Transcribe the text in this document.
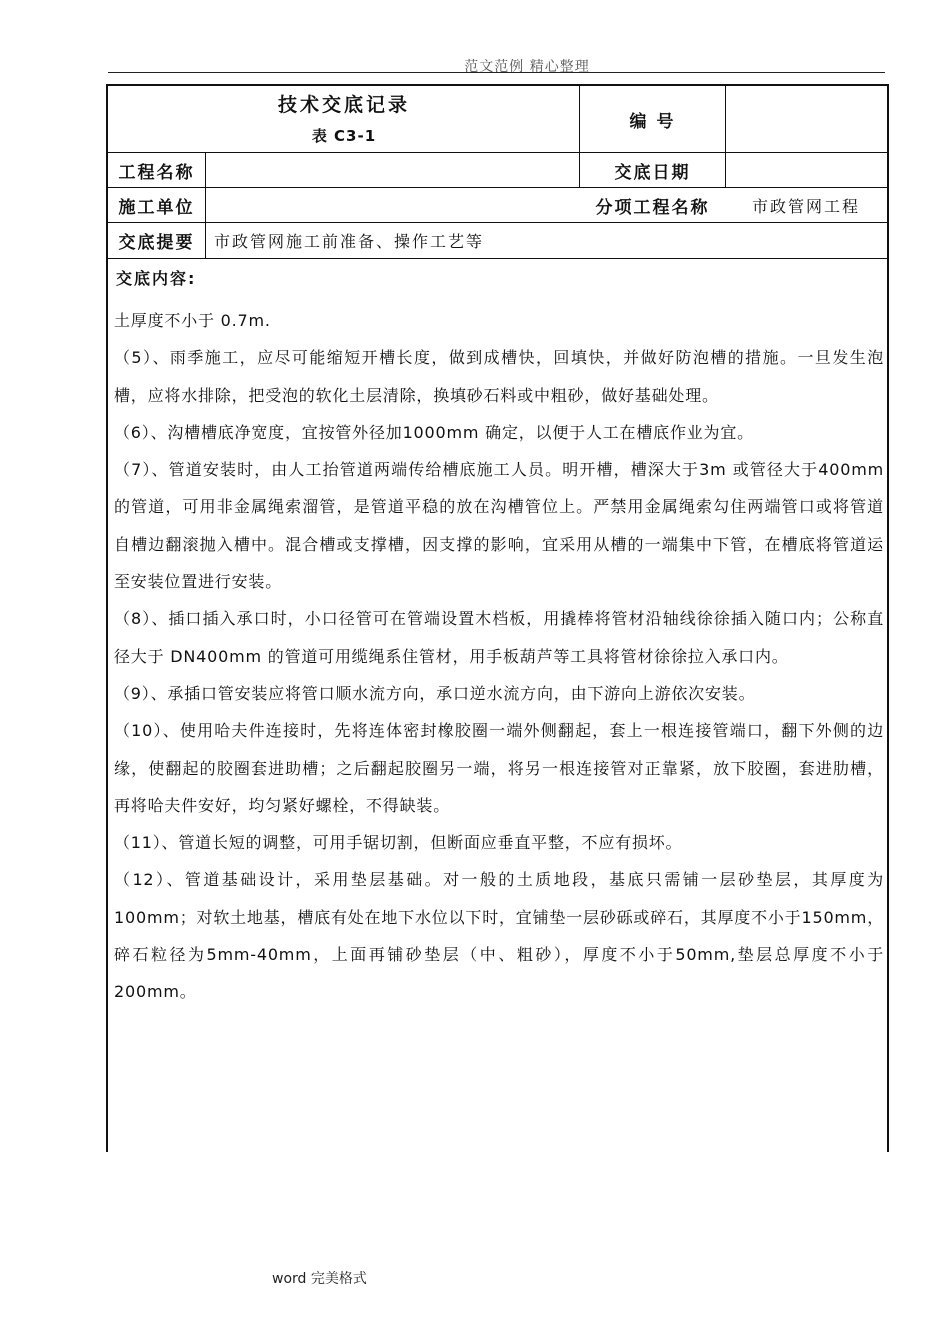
范文范例 精心整理
技术交底记录
表 C3-1
编 号
工程名称	交底日期
施工单位	分项工程名称	市政管网工程
交底提要	市政管网施工前准备、操作工艺等
交底内容:

土厚度不小于 0.7m.

（5）、雨季施工，应尽可能缩短开槽长度，做到成槽快，回填快，并做好防泡槽的措施。一旦发生泡槽，应将水排除，把受泡的软化土层清除，换填砂石料或中粗砂，做好基础处理。

（6）、沟槽槽底净宽度，宜按管外径加1000mm 确定，以便于人工在槽底作业为宜。

（7）、管道安装时，由人工抬管道两端传给槽底施工人员。明开槽，槽深大于3m 或管径大于400mm 的管道，可用非金属绳索溜管，是管道平稳的放在沟槽管位上。严禁用金属绳索勾住两端管口或将管道自槽边翻滚抛入槽中。混合槽或支撑槽，因支撑的影响，宜采用从槽的一端集中下管，在槽底将管道运至安装位置进行安装。

（8）、插口插入承口时，小口径管可在管端设置木档板，用撬棒将管材沿轴线徐徐插入随口内；公称直径大于 DN400mm 的管道可用缆绳系住管材，用手板葫芦等工具将管材徐徐拉入承口内。

（9）、承插口管安装应将管口顺水流方向，承口逆水流方向，由下游向上游依次安装。

（10）、使用哈夫件连接时，先将连体密封橡胶圈一端外侧翻起，套上一根连接管端口，翻下外侧的边缘，使翻起的胶圈套进助槽；之后翻起胶圈另一端，将另一根连接管对正靠紧，放下胶圈，套进肋槽，再将哈夫件安好，均匀紧好螺栓，不得缺装。

（11）、管道长短的调整，可用手锯切割，但断面应垂直平整，不应有损坏。

（12）、管道基础设计，采用垫层基础。对一般的土质地段，基底只需铺一层砂垫层，其厚度为 100mm；对软土地基，槽底有处在地下水位以下时，宜铺垫一层砂砾或碎石，其厚度不小于150mm，碎石粒径为5mm-40mm，上面再铺砂垫层（中、粗砂），厚度不小于50mm,垫层总厚度不小于200mm。

word 完美格式
